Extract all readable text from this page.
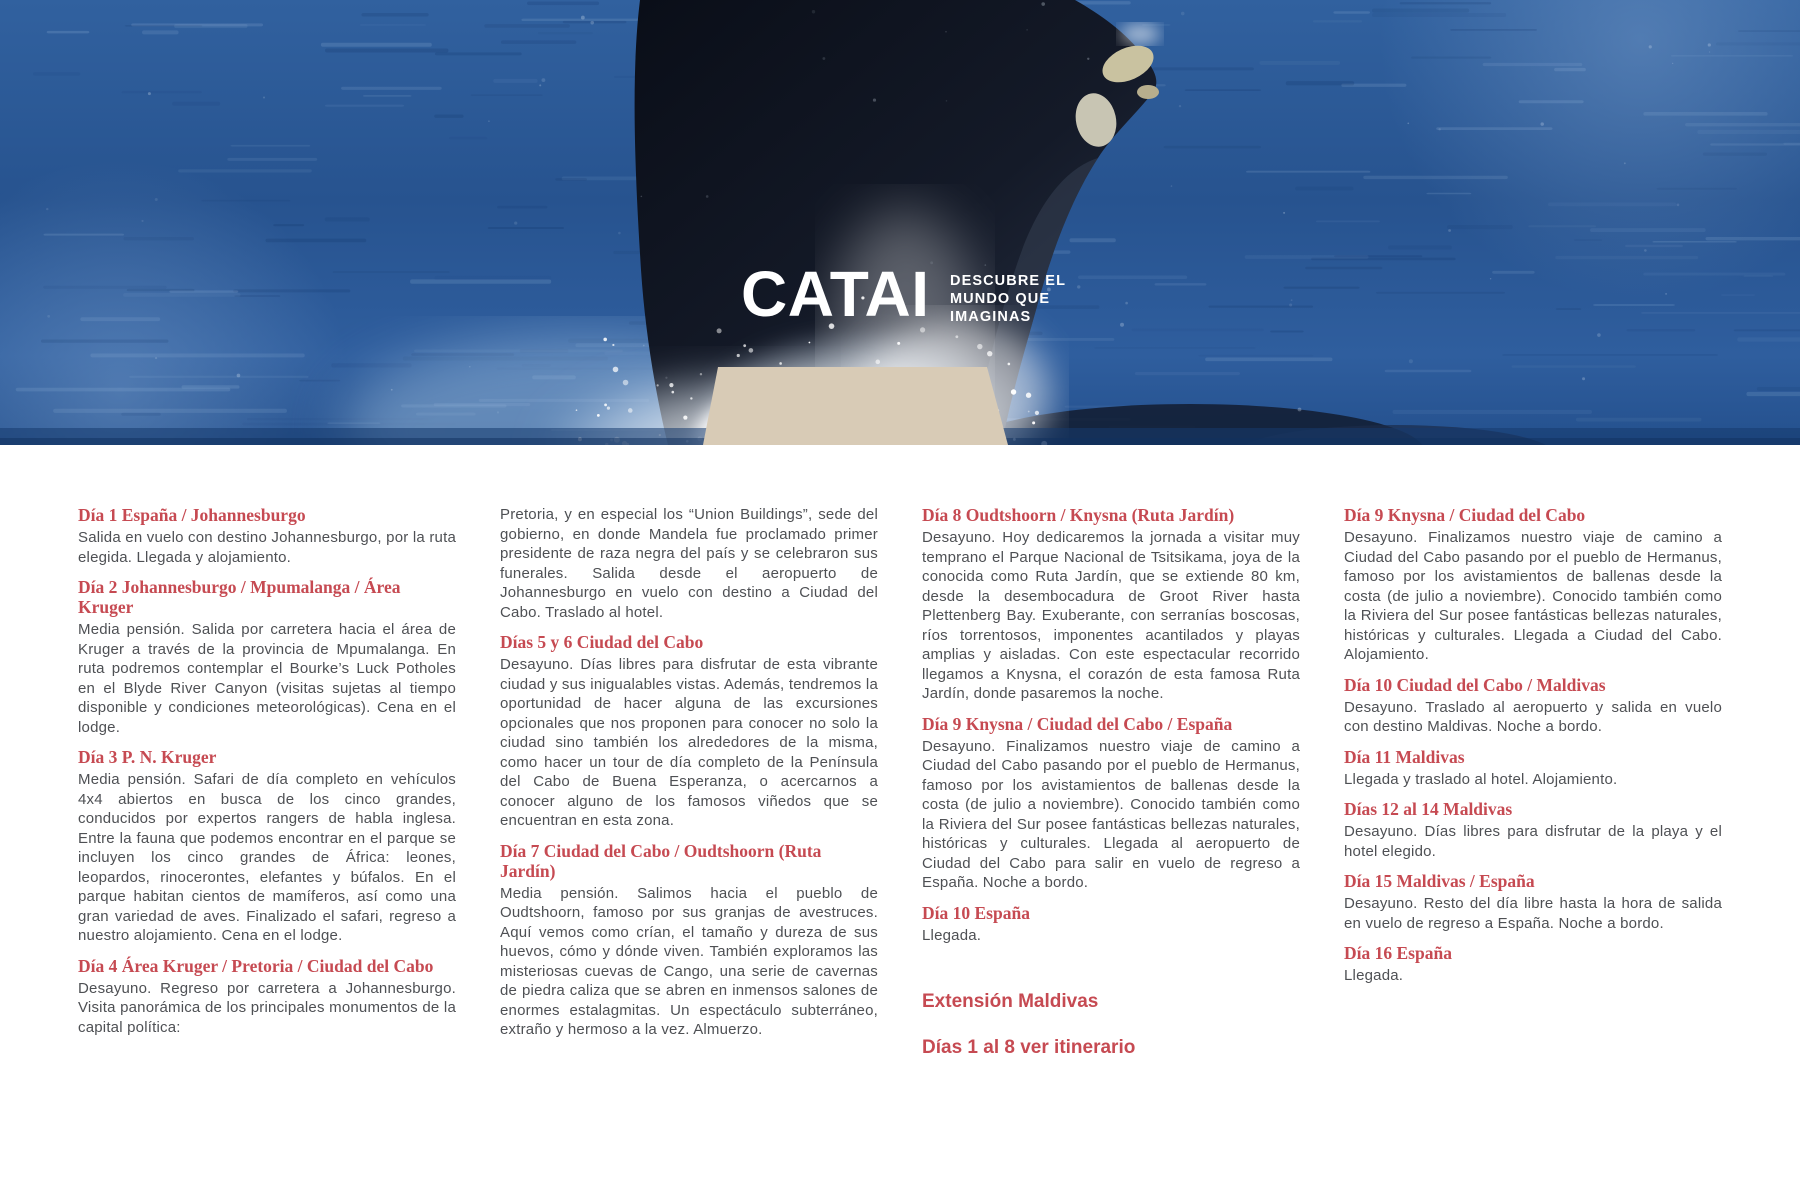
CATAI DESCUBRE EL
MUNDO QUE
IMAGINAS
Día 1 España / Johannesburgo

Salida en vuelo con destino Johannesburgo, por la ruta elegida. Llegada y alojamiento.

Día 2 Johannesburgo / Mpumalanga / Área Kruger

Media pensión. Salida por carretera hacia el área de Kruger a través de la provincia de Mpumalanga. En ruta podremos contemplar el Bourke’s Luck Potholes en el Blyde River Canyon (visitas sujetas al tiempo disponible y condiciones meteorológicas). Cena en el lodge.

Día 3 P. N. Kruger

Media pensión. Safari de día completo en vehículos 4x4 abiertos en busca de los cinco grandes, conducidos por expertos rangers de habla inglesa. Entre la fauna que podemos encontrar en el parque se incluyen los cinco grandes de África: leones, leopardos, rinocerontes, elefantes y búfalos. En el parque habitan cientos de mamíferos, así como una gran variedad de aves. Finalizado el safari, regreso a nuestro alojamiento. Cena en el lodge.

Día 4 Área Kruger / Pretoria / Ciudad del Cabo

Desayuno. Regreso por carretera a Johannesburgo. Visita panorámica de los principales monumentos de la capital política:

Pretoria, y en especial los “Union Buildings”, sede del gobierno, en donde Mandela fue proclamado primer presidente de raza negra del país y se celebraron sus funerales. Salida desde el aeropuerto de Johannesburgo en vuelo con destino a Ciudad del Cabo. Traslado al hotel.

Días 5 y 6 Ciudad del Cabo

Desayuno. Días libres para disfrutar de esta vibrante ciudad y sus inigualables vistas. Además, tendremos la oportunidad de hacer alguna de las excursiones opcionales que nos proponen para conocer no solo la ciudad sino también los alrededores de la misma, como hacer un tour de día completo de la Península del Cabo de Buena Esperanza, o acercarnos a conocer alguno de los famosos viñedos que se encuentran en esta zona.

Día 7 Ciudad del Cabo / Oudtshoorn (Ruta Jardín)

Media pensión. Salimos hacia el pueblo de Oudtshoorn, famoso por sus granjas de avestruces. Aquí vemos como crían, el tamaño y dureza de sus huevos, cómo y dónde viven. También exploramos las misteriosas cuevas de Cango, una serie de cavernas de piedra caliza que se abren en inmensos salones de enormes estalagmitas. Un espectáculo subterráneo, extraño y hermoso a la vez. Almuerzo.

Día 8 Oudtshoorn / Knysna (Ruta Jardín)

Desayuno. Hoy dedicaremos la jornada a visitar muy temprano el Parque Nacional de Tsitsikama, joya de la conocida como Ruta Jardín, que se extiende 80 km, desde la desembocadura de Groot River hasta Plettenberg Bay. Exuberante, con serranías boscosas, ríos torrentosos, imponentes acantilados y playas amplias y aisladas. Con este espectacular recorrido llegamos a Knysna, el corazón de esta famosa Ruta Jardín, donde pasaremos la noche.

Día 9 Knysna / Ciudad del Cabo / España

Desayuno. Finalizamos nuestro viaje de camino a Ciudad del Cabo pasando por el pueblo de Hermanus, famoso por los avistamientos de ballenas desde la costa (de julio a noviembre). Conocido también como la Riviera del Sur posee fantásticas bellezas naturales, históricas y culturales. Llegada al aeropuerto de Ciudad del Cabo para salir en vuelo de regreso a España. Noche a bordo.

Día 10 España

Llegada.

Extensión Maldivas
Días 1 al 8 ver itinerario
Día 9 Knysna / Ciudad del Cabo

Desayuno. Finalizamos nuestro viaje de camino a Ciudad del Cabo pasando por el pueblo de Hermanus, famoso por los avistamientos de ballenas desde la costa (de julio a noviembre). Conocido también como la Riviera del Sur posee fantásticas bellezas naturales, históricas y culturales. Llegada a Ciudad del Cabo. Alojamiento.

Día 10 Ciudad del Cabo / Maldivas

Desayuno. Traslado al aeropuerto y salida en vuelo con destino Maldivas. Noche a bordo.

Día 11 Maldivas

Llegada y traslado al hotel. Alojamiento.

Días 12 al 14 Maldivas

Desayuno. Días libres para disfrutar de la playa y el hotel elegido.

Día 15 Maldivas / España

Desayuno. Resto del día libre hasta la hora de salida en vuelo de regreso a España. Noche a bordo.

Día 16 España

Llegada.
